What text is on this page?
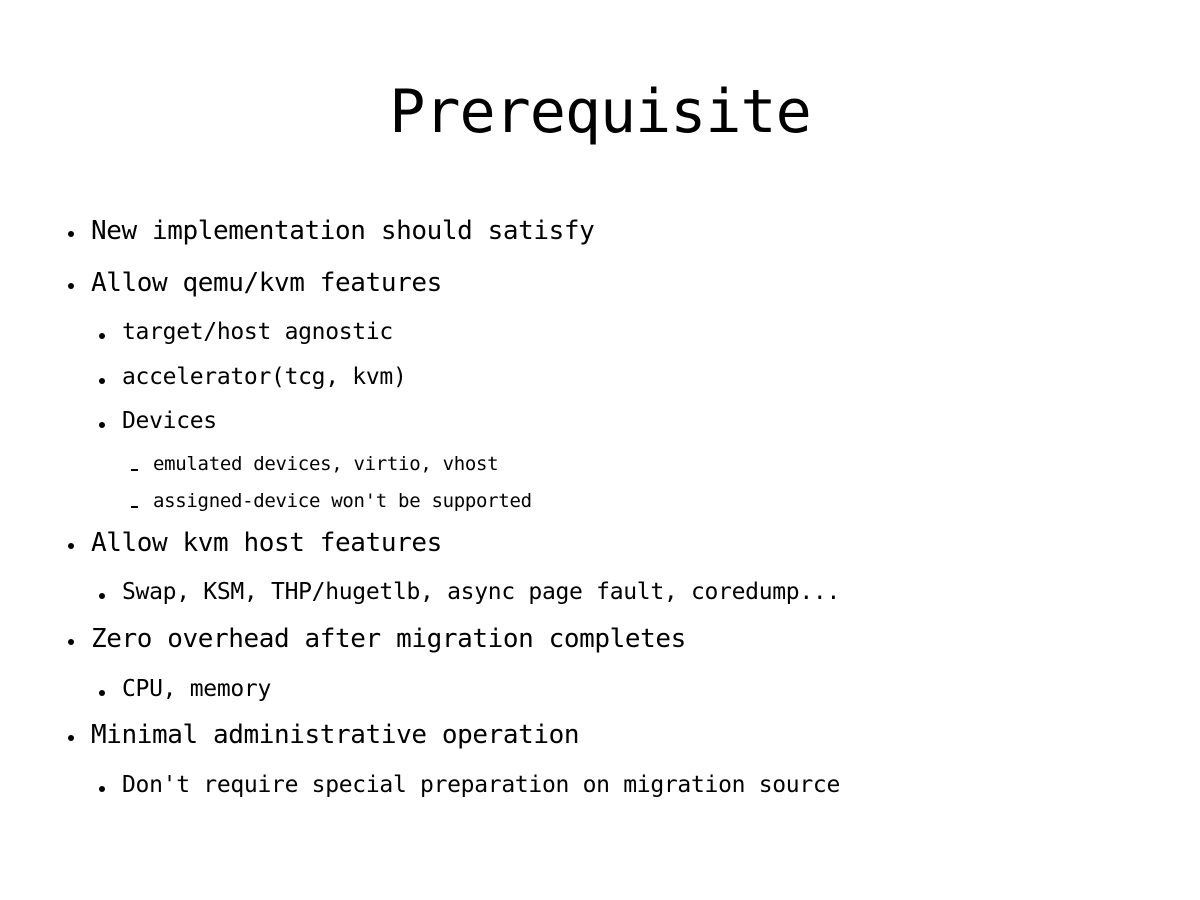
Prerequisite
New implementation should satisfy
Allow qemu/kvm features
target/host agnostic
accelerator(tcg, kvm)
Devices
emulated devices, virtio, vhost
assigned-device won't be supported
Allow kvm host features
Swap, KSM, THP/hugetlb, async page fault, coredump...
Zero overhead after migration completes
CPU, memory
Minimal administrative operation
Don't require special preparation on migration source
